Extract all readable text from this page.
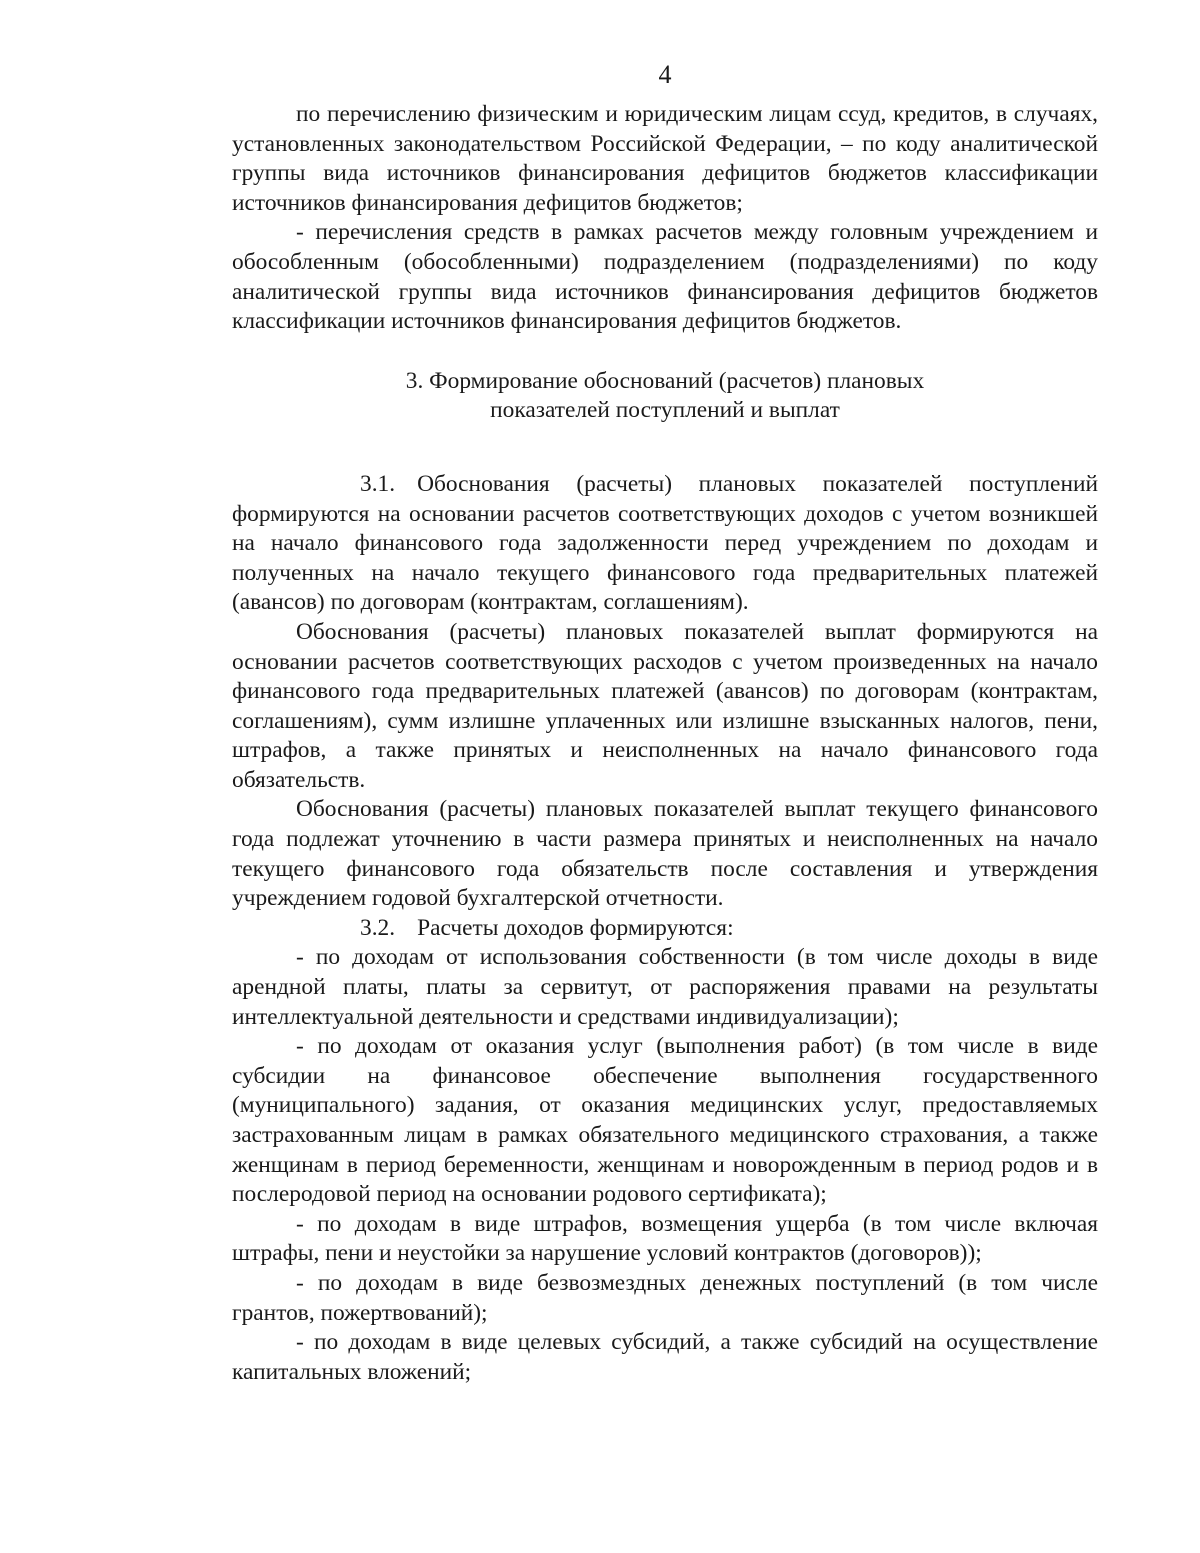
4

по перечислению физическим и юридическим лицам ссуд, кредитов, в случаях, установленных законодательством Российской Федерации, – по коду аналитической группы вида источников финансирования дефицитов бюджетов классификации источников финансирования дефицитов бюджетов;

- перечисления средств в рамках расчетов между головным учреждением и обособленным (обособленными) подразделением (подразделениями) по коду аналитической группы вида источников финансирования дефицитов бюджетов классификации источников финансирования дефицитов бюджетов.

3. Формирование обоснований (расчетов) плановых

показателей поступлений и выплат

3.1. Обоснования (расчеты) плановых показателей поступлений формируются на основании расчетов соответствующих доходов с учетом возникшей на начало финансового года задолженности перед учреждением по доходам и полученных на начало текущего финансового года предварительных платежей (авансов) по договорам (контрактам, соглашениям).

Обоснования (расчеты) плановых показателей выплат формируются на основании расчетов соответствующих расходов с учетом произведенных на начало финансового года предварительных платежей (авансов) по договорам (контрактам, соглашениям), сумм излишне уплаченных или излишне взысканных налогов, пени, штрафов, а также принятых и неисполненных на начало финансового года обязательств.

Обоснования (расчеты) плановых показателей выплат текущего финансового года подлежат уточнению в части размера принятых и неисполненных на начало текущего финансового года обязательств после составления и утверждения учреждением годовой бухгалтерской отчетности.

3.2. Расчеты доходов формируются:

- по доходам от использования собственности (в том числе доходы в виде арендной платы, платы за сервитут, от распоряжения правами на результаты интеллектуальной деятельности и средствами индивидуализации);

- по доходам от оказания услуг (выполнения работ) (в том числе в виде субсидии на финансовое обеспечение выполнения государственного (муниципального) задания, от оказания медицинских услуг, предоставляемых застрахованным лицам в рамках обязательного медицинского страхования, а также женщинам в период беременности, женщинам и новорожденным в период родов и в послеродовой период на основании родового сертификата);

- по доходам в виде штрафов, возмещения ущерба (в том числе включая штрафы, пени и неустойки за нарушение условий контрактов (договоров));

- по доходам в виде безвозмездных денежных поступлений (в том числе грантов, пожертвований);

- по доходам в виде целевых субсидий, а также субсидий на осуществление капитальных вложений;
